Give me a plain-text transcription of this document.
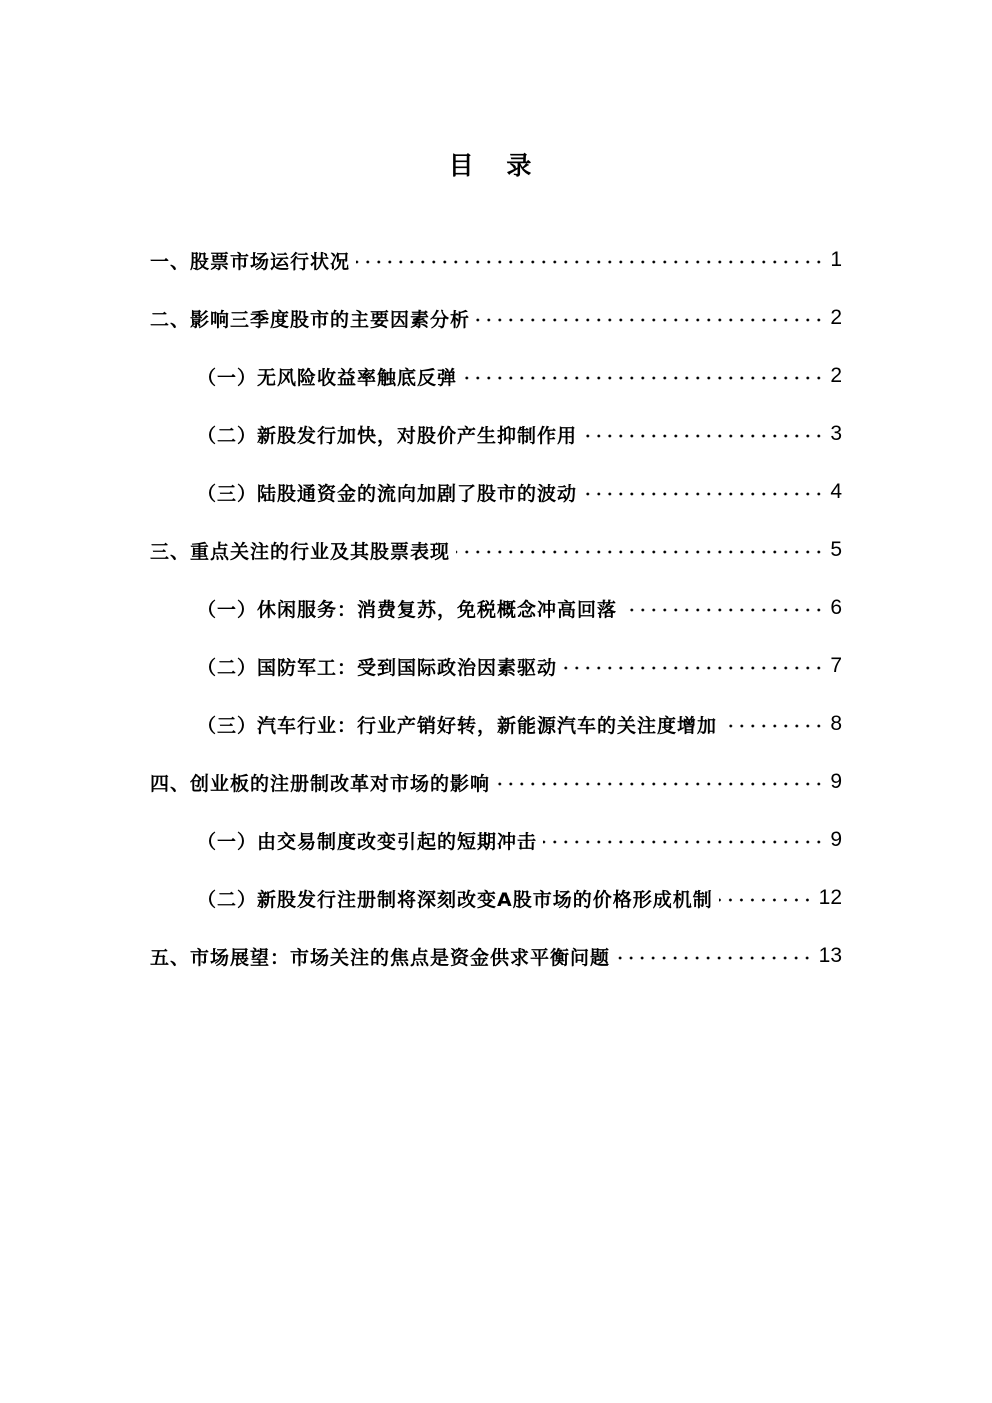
目 录
一、股票市场运行状况	1
二、影响三季度股市的主要因素分析	2
（一）无风险收益率触底反弹	2
（二）新股发行加快，对股价产生抑制作用	3
（三）陆股通资金的流向加剧了股市的波动	4
三、重点关注的行业及其股票表现	5
（一）休闲服务：消费复苏，免税概念冲高回落	6
（二）国防军工：受到国际政治因素驱动	7
（三）汽车行业：行业产销好转，新能源汽车的关注度增加	8
四、创业板的注册制改革对市场的影响	9
（一）由交易制度改变引起的短期冲击	9
（二）新股发行注册制将深刻改变A股市场的价格形成机制	12
五、市场展望：市场关注的焦点是资金供求平衡问题	13
